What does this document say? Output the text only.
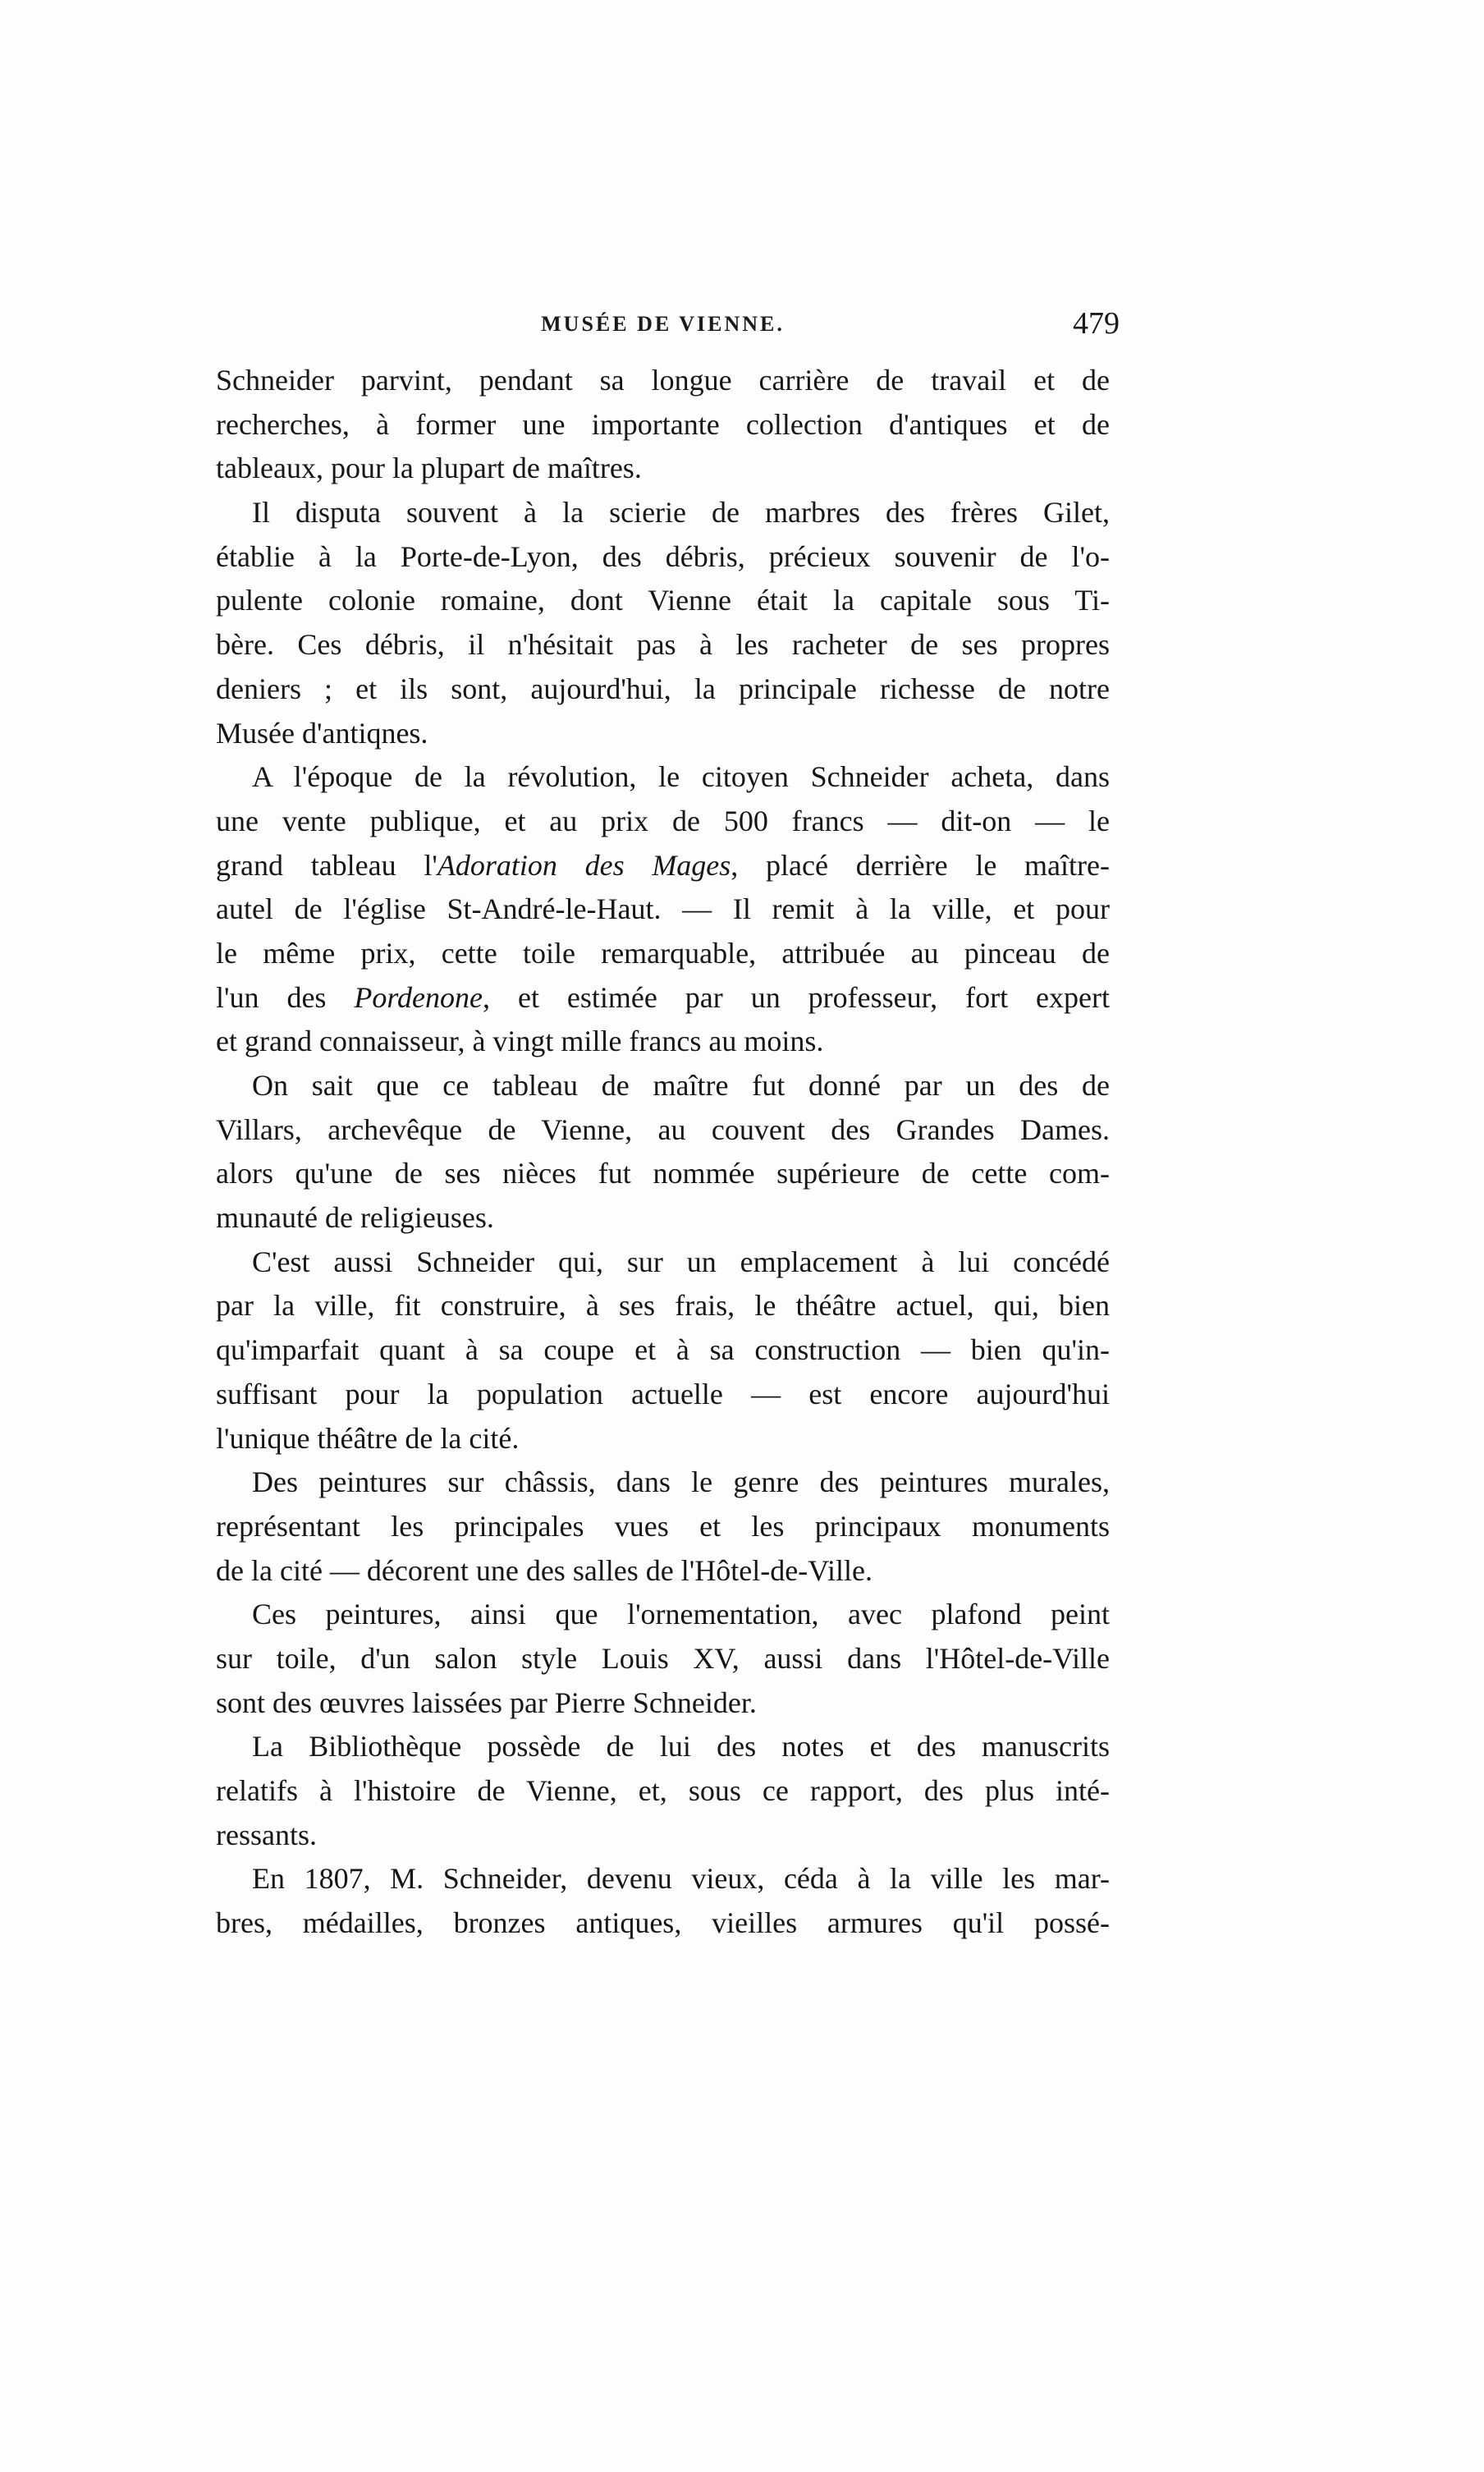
MUSÉE DE VIENNE.	479
Schneider parvint, pendant sa longue carrière de travail et de
recherches, à former une importante collection d'antiques et de
tableaux, pour la plupart de maîtres.
Il disputa souvent à la scierie de marbres des frères Gilet,
établie à la Porte-de-Lyon, des débris, précieux souvenir de l'o-
pulente colonie romaine, dont Vienne était la capitale sous Ti-
bère. Ces débris, il n'hésitait pas à les racheter de ses propres
deniers ; et ils sont, aujourd'hui, la principale richesse de notre
Musée d'antiqnes.
A l'époque de la révolution, le citoyen Schneider acheta, dans
une vente publique, et au prix de 500 francs — dit-on — le
grand tableau l'Adoration des Mages, placé derrière le maître-
autel de l'église St-André-le-Haut. — Il remit à la ville, et pour
le même prix, cette toile remarquable, attribuée au pinceau de
l'un des Pordenone, et estimée par un professeur, fort expert
et grand connaisseur, à vingt mille francs au moins.
On sait que ce tableau de maître fut donné par un des de
Villars, archevêque de Vienne, au couvent des Grandes Dames.
alors qu'une de ses nièces fut nommée supérieure de cette com-
munauté de religieuses.
C'est aussi Schneider qui, sur un emplacement à lui concédé
par la ville, fit construire, à ses frais, le théâtre actuel, qui, bien
qu'imparfait quant à sa coupe et à sa construction — bien qu'in-
suffisant pour la population actuelle — est encore aujourd'hui
l'unique théâtre de la cité.
Des peintures sur châssis, dans le genre des peintures murales,
représentant les principales vues et les principaux monuments
de la cité — décorent une des salles de l'Hôtel-de-Ville.
Ces peintures, ainsi que l'ornementation, avec plafond peint
sur toile, d'un salon style Louis XV, aussi dans l'Hôtel-de-Ville
sont des œuvres laissées par Pierre Schneider.
La Bibliothèque possède de lui des notes et des manuscrits
relatifs à l'histoire de Vienne, et, sous ce rapport, des plus inté-
ressants.
En 1807, M. Schneider, devenu vieux, céda à la ville les mar-
bres, médailles, bronzes antiques, vieilles armures qu'il possé-
